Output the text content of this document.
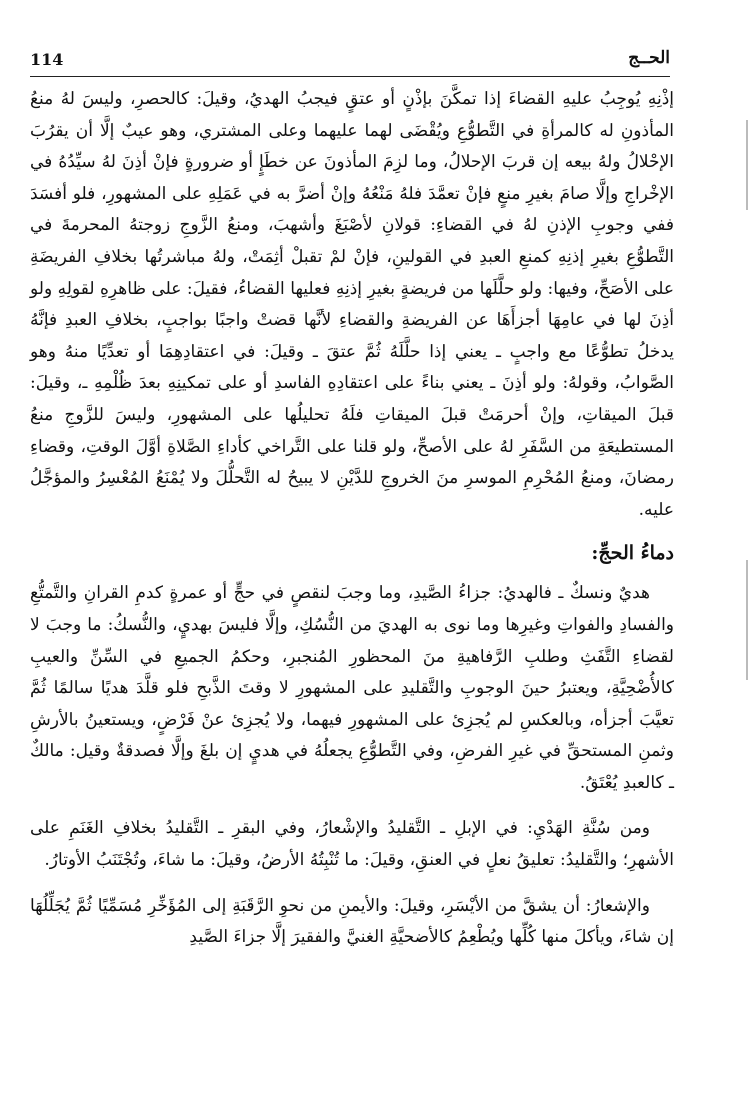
114	الحــج

إذْنِهِ يُوجِبُ عليهِ القضاءَ إذا تمكَّنَ بإذْنٍ أو عتقٍ فيجبُ الهديُ، وقيلَ: كالحصرِ، وليسَ لهُ منعُ المأذونِ له كالمرأةِ في التَّطوُّعِ ويُقْضَى لهما عليهما وعلى المشتري، وهو عيبٌ إلَّا أن يقرُبَ الإحْلالُ ولهُ بيعه إن قربَ الإحلالُ، وما لزِمَ المأذونَ عن خطَإٍ أو ضرورةٍ فإنْ أذِنَ لهُ سيِّدُهُ في الإخْراجِ وإلَّا صامَ بغيرِ منعٍ فإنْ تعمَّدَ فلهُ مَنْعُهُ وإنْ أضرَّ به في عَمَلِهِ على المشهورِ، فلو أفسَدَ ففي وجوبِ الإذنِ لهُ في القضاءِ: قولانِ لأصْبَغَ وأشهبَ، ومنعُ الزَّوجِ زوجتهُ المحرمةَ في التَّطوُّعِ بغيرِ إذنِهِ كمنعِ العبدِ في القولينِ، فإنْ لمْ تقبلْ أثِمَتْ، ولهُ مباشرتُها بخلافِ الفريضَةِ على الأصَحِّ، وفيها: ولو حلَّلَها من فريضةٍ بغيرِ إذنِهِ فعليها القضاءُ، فقيلَ: على ظاهرِهِ لقولِهِ ولو أذِنَ لها في عامِهَا أجزأَهَا عن الفريضةِ والقضاءِ لأنَّها قضتْ واجبًا بواجبٍ، بخلافِ العبدِ فإنَّهُ يدخلُ تطوُّعًا مع واجبٍ ـ يعني إذا حلَّلَهُ ثُمَّ عتقَ ـ وقيلَ: في اعتقادِهِمَا أو تعدِّيًا منهُ وهو الصَّوابُ، وقولهُ: ولو أذِنَ ـ يعني بناءً على اعتقادِهِ الفاسدِ أو على تمكينِهِ بعدَ ظُلْمِهِ ـ، وقيلَ: قبلَ الميقاتِ، وإنْ أحرمَتْ قبلَ الميقاتِ فلَهُ تحليلُها على المشهورِ، وليسَ للزَّوجِ منعُ المستطيعَةِ من السَّفَرِ لهُ على الأصحِّ، ولو قلنا على التَّراخي كأداءِ الصَّلاةِ أوَّلَ الوقتِ، وقضاءِ رمضانَ، ومنعُ المُحْرِمِ الموسرِ منَ الخروجِ للدَّيْنِ لا يبيحُ له التَّحلُّلَ ولا يُمْنَعُ المُعْسِرُ والمؤجَّلُ عليه.

دماءُ الحجِّ:

هديٌ ونسكٌ ـ فالهديُ: جزاءُ الصَّيدِ، وما وجبَ لنقصٍ في حجٍّ أو عمرةٍ كدمِ القرانِ والتَّمتُّعِ والفسادِ والفواتِ وغيرِها وما نوى به الهديَ من النُّسُكِ، وإلَّا فليسَ بهديٍ، والنُّسكُ: ما وجبَ لا لقضاءِ التَّفَثِ وطلبِ الرَّفاهيةِ منَ المحظورِ المُنجبرِ، وحكمُ الجميعِ في السِّنِّ والعيبِ كالأُضْحِيَّةِ، ويعتبرُ حينَ الوجوبِ والتَّقليدِ على المشهورِ لا وقتَ الذَّبحِ فلو قلَّدَ هديًا سالمًا ثُمَّ تعيَّبَ أجزأه، وبالعكسِ لم يُجزِئ على المشهورِ فيهما، ولا يُجزِئ عنْ فَرْضٍ، ويستعينُ بالأرشِ وثمنِ المستحقِّ في غيرِ الفرضِ، وفي التَّطوُّعِ يجعلُهُ في هديٍ إن بلغَ وإلَّا فصدقةٌ وقيل: مالكٌ ـ كالعبدِ يُعْتَقُ.

ومن سُنَّةِ الهَدْيِ: في الإبلِ ـ التَّقليدُ والإشْعارُ، وفي البقرِ ـ التَّقليدُ بخلافِ الغَنَمِ على الأشهرِ؛ والتَّقليدُ: تعليقُ نعلٍ في العنقِ، وقيلَ: ما تُنْبِتُهُ الأرضُ، وقيلَ: ما شاءَ، وتُجْتَنَبُ الأوتارُ.

والإشعارُ: أن يشقَّ من الأيْسَرِ، وقيلَ: والأيمنِ من نحوِ الرَّقَبَةِ إلى المُؤَخِّرِ مُسَمِّيًا ثُمَّ يُجَلِّلُهَا إن شاءَ، ويأكلَ منها كُلِّها ويُطْعِمُ كالأضحيَّةِ الغنيَّ والفقيرَ إلَّا جزاءَ الصَّيدِ
